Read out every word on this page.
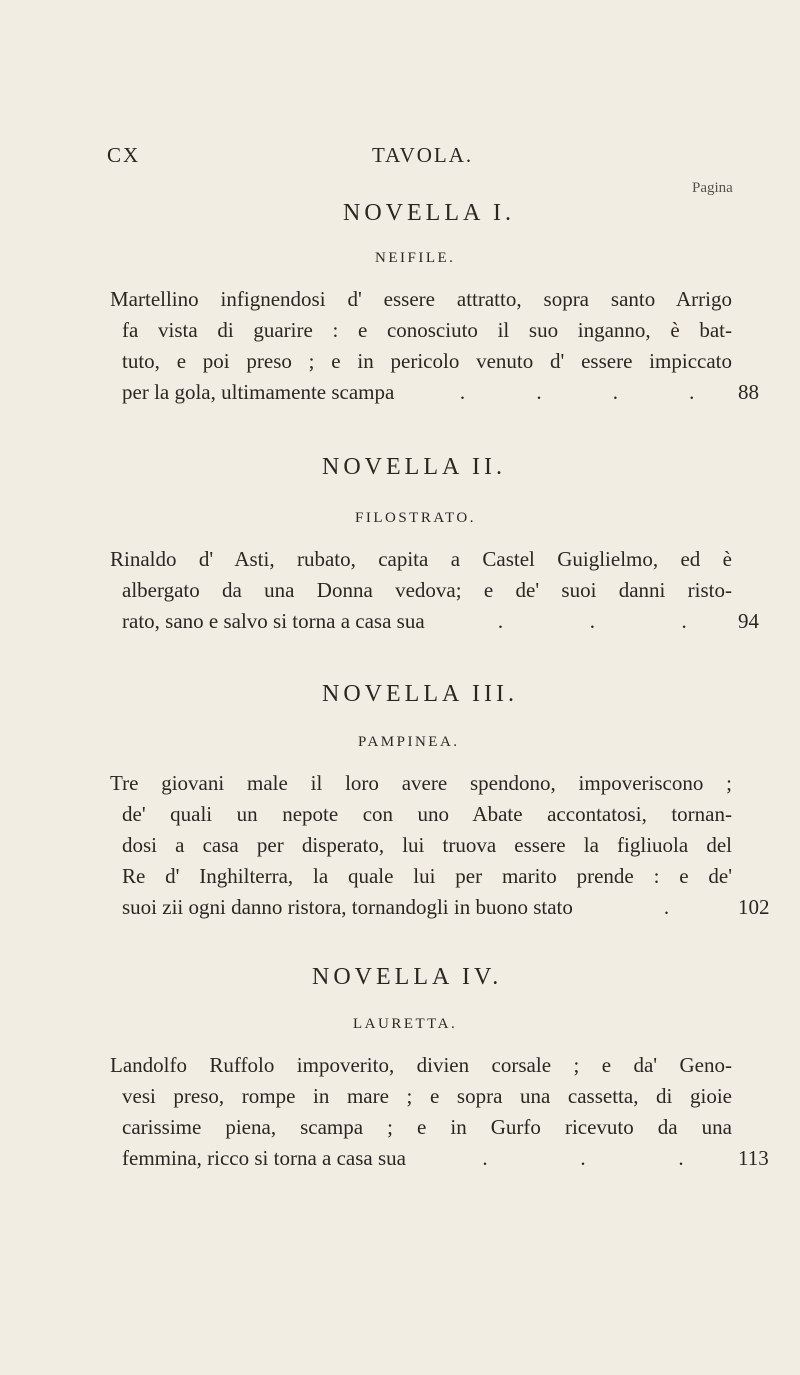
CX	TAVOLA.
Pagina
NOVELLA I.
NEIFILE.
Martellino infignendosi d' essere attratto, sopra santo Arrigo
fa vista di guarire : e conosciuto il suo inganno, è bat-
tuto, e poi preso ; e in pericolo venuto d' essere impiccato
per la gola, ultimamente scampa	.	.	.	. 88
NOVELLA II.
FILOSTRATO.
Rinaldo d' Asti, rubato, capita a Castel Guiglielmo, ed è
albergato da una Donna vedova; e de' suoi danni risto-
rato, sano e salvo si torna a casa sua	.	.	. 94
NOVELLA III.
PAMPINEA.
Tre giovani male il loro avere spendono, impoveriscono ;
de' quali un nepote con uno Abate accontatosi, tornan-
dosi a casa per disperato, lui truova essere la figliuola del
Re d' Inghilterra, la quale lui per marito prende : e de'
suoi zii ogni danno ristora, tornandogli in buono stato	.	102
NOVELLA IV.
LAURETTA.
Landolfo Ruffolo impoverito, divien corsale ; e da' Geno-
vesi preso, rompe in mare ; e sopra una cassetta, di gioie
carissime piena, scampa ; e in Gurfo ricevuto da una
femmina, ricco si torna a casa sua	.	.	.	113
